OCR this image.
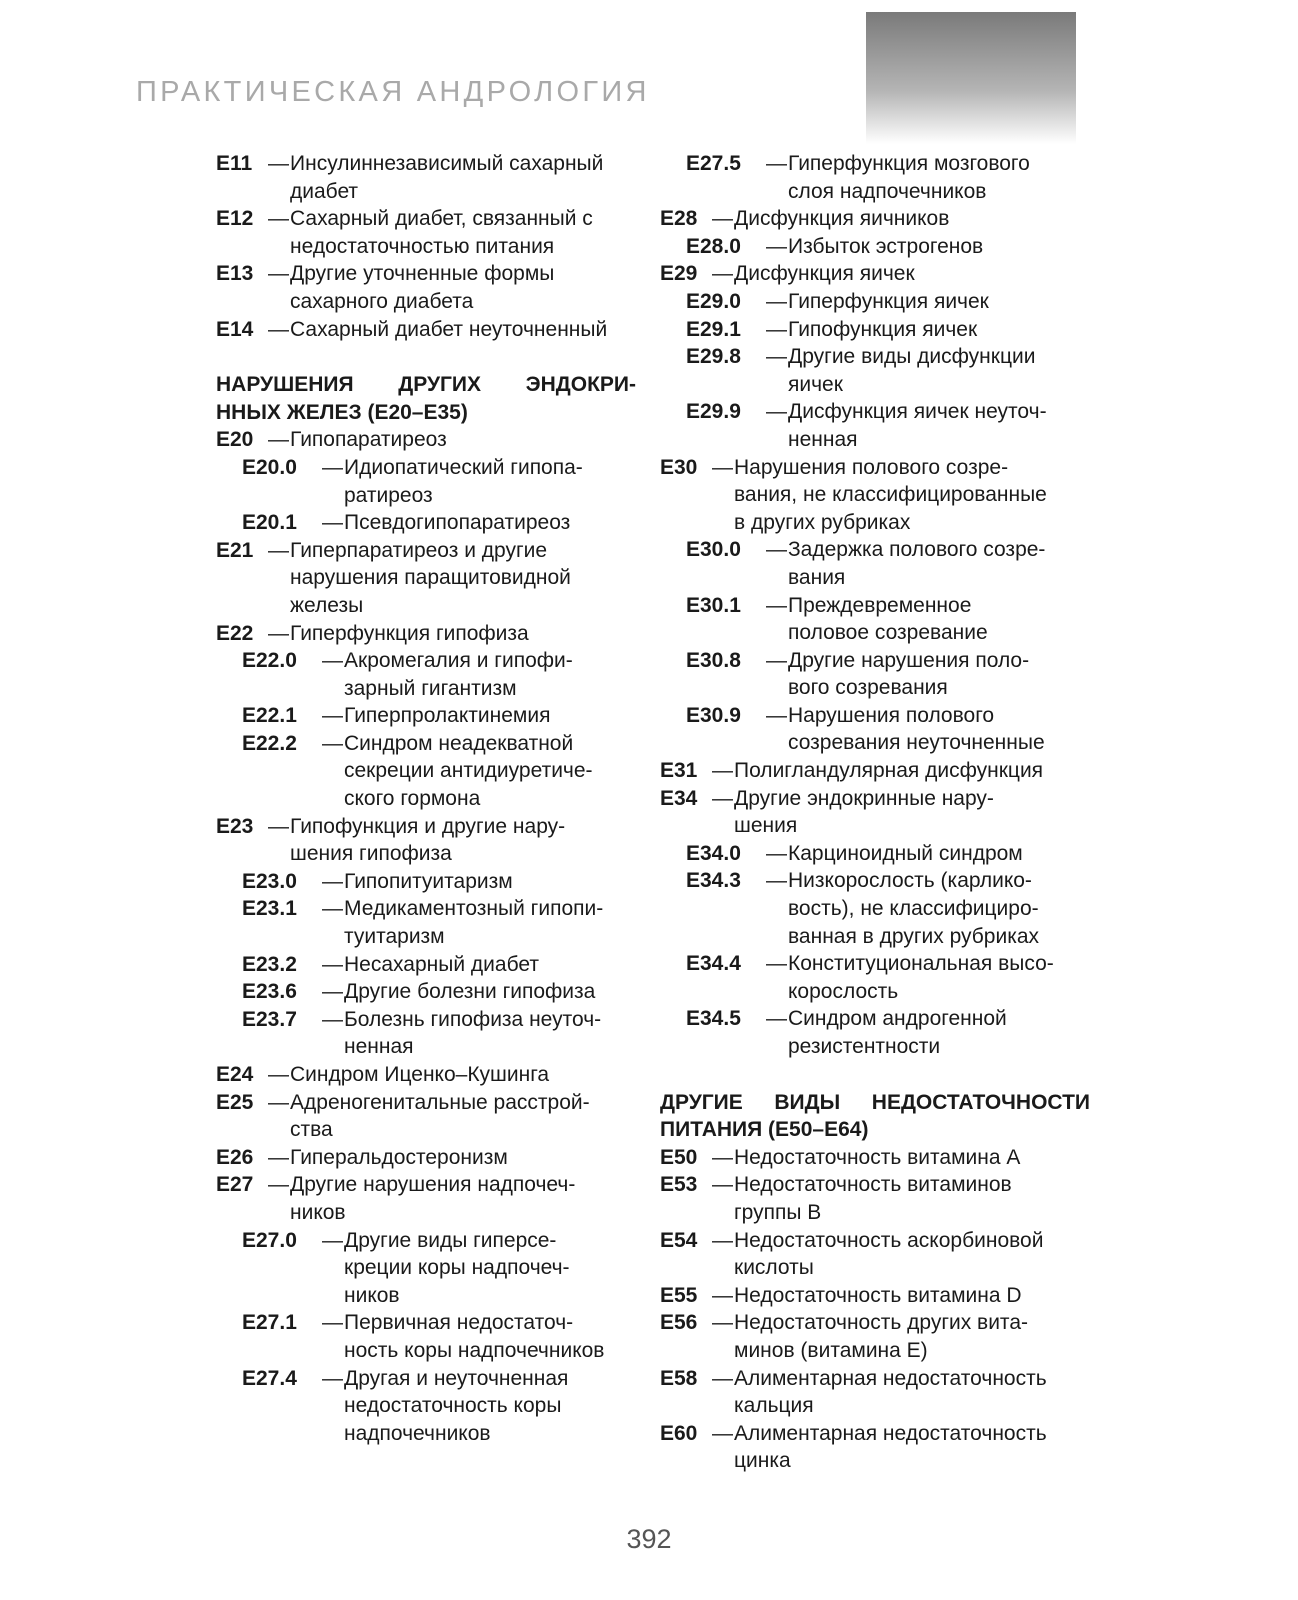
ПРАКТИЧЕСКАЯ АНДРОЛОГИЯ
E11 — Инсулиннезависимый сахарный
диабет
E12 — Сахарный диабет, связанный с
недостаточностью питания
E13 — Другие уточненные формы
сахарного диабета
E14 — Сахарный диабет неуточненный
НАРУШЕНИЯ ДРУГИХ ЭНДОКРИ-
ННЫХ ЖЕЛЕЗ (E20–E35)
E20 — Гипопаратиреоз
E20.0	— Идиопатический гипопа-
ратиреоз
E20.1	— Псевдогипопаратиреоз
E21 — Гиперпаратиреоз и другие
нарушения паращитовидной
железы
E22 — Гиперфункция гипофиза
E22.0	— Акромегалия и гипофи-
зарный гигантизм
E22.1	— Гиперпролактинемия
E22.2	— Синдром неадекватной
секреции антидиуретиче-
ского гормона
E23 — Гипофункция и другие нару-
шения гипофиза
E23.0	— Гипопитуитаризм
E23.1	— Медикаментозный гипопи-
туитаризм
E23.2	— Несахарный диабет
E23.6	— Другие болезни гипофиза
E23.7	— Болезнь гипофиза неуточ-
ненная
E24 — Синдром Иценко–Кушинга
E25 — Адреногенитальные расстрой-
ства
E26 — Гиперальдостеронизм
E27 — Другие нарушения надпочеч-
ников
E27.0	— Другие виды гиперсе-
креции коры надпочеч-
ников
E27.1	— Первичная недостаточ-
ность коры надпочечников
E27.4	— Другая и неуточненная
недостаточность коры
надпочечников
E27.5	— Гиперфункция мозгового
слоя надпочечников
E28 — Дисфункция яичников
E28.0	— Избыток эстрогенов
E29 — Дисфункция яичек
E29.0	— Гиперфункция яичек
E29.1	— Гипофункция яичек
E29.8	— Другие виды дисфункции
яичек
E29.9	— Дисфункция яичек неуточ-
ненная
E30 — Нарушения полового созре-
вания, не классифицированные
в других рубриках
E30.0	— Задержка полового созре-
вания
E30.1	— Преждевременное
половое созревание
E30.8	— Другие нарушения поло-
вого созревания
E30.9	— Нарушения полового
созревания неуточненные
E31 — Полигландулярная дисфункция
E34 — Другие эндокринные нару-
шения
E34.0	— Карциноидный синдром
E34.3	— Низкорослость (карлико-
вость), не классифициро-
ванная в других рубриках
E34.4	— Конституциональная высо-
корослость
E34.5	— Синдром андрогенной
резистентности
ДРУГИЕ ВИДЫ НЕДОСТАТОЧНОСТИ
ПИТАНИЯ (E50–E64)
E50 — Недостаточность витамина A
E53 — Недостаточность витаминов
группы B
E54 — Недостаточность аскорбиновой
кислоты
E55 — Недостаточность витамина D
E56 — Недостаточность других вита-
минов (витамина E)
E58 — Алиментарная недостаточность
кальция
E60 — Алиментарная недостаточность
цинка
392
